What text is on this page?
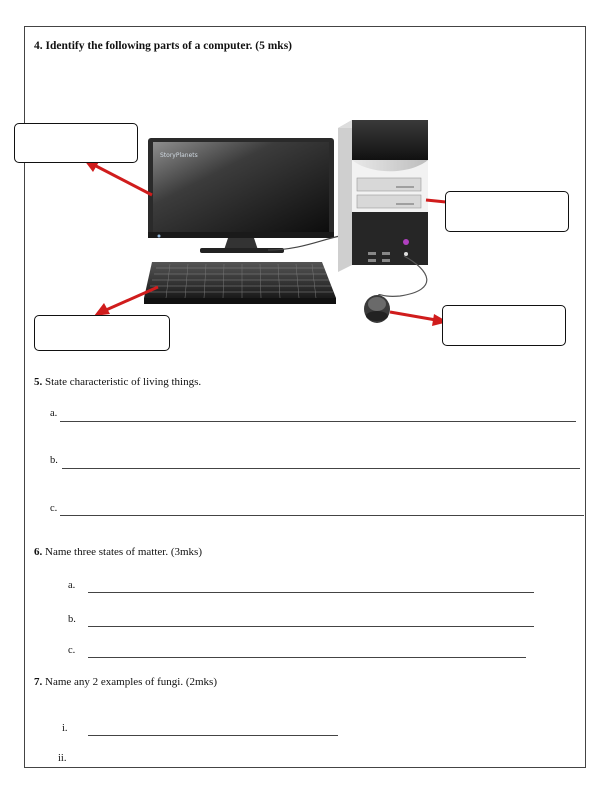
4. Identify the following parts of a computer. (5 mks)
StoryPlanets
5. State characteristic of living things.
a.
b.
c.
6. Name three states of matter. (3mks)
a.
b.
c.
7. Name any 2 examples of fungi. (2mks)
i.
ii.
